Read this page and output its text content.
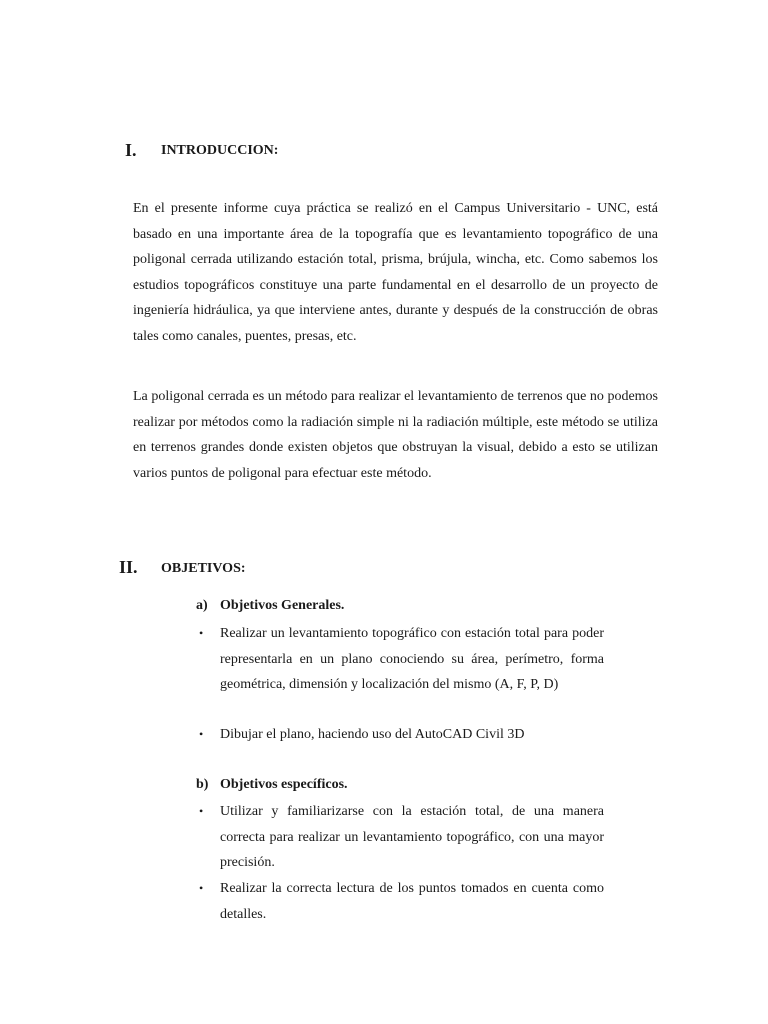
I. INTRODUCCION:

En el presente informe cuya práctica se realizó en el Campus Universitario - UNC, está basado en una importante área de la topografía que es levantamiento topográfico de una poligonal cerrada utilizando estación total, prisma, brújula, wincha, etc. Como sabemos los estudios topográficos constituye una parte fundamental en el desarrollo de un proyecto de ingeniería hidráulica, ya que interviene antes, durante y después de la construcción de obras tales como canales, puentes, presas, etc.

La poligonal cerrada es un método para realizar el levantamiento de terrenos que no podemos realizar por métodos como la radiación simple ni la radiación múltiple, este método se utiliza en terrenos grandes donde existen objetos que obstruyan la visual, debido a esto se utilizan varios puntos de poligonal para efectuar este método.

II. OBJETIVOS:
a) Objetivos Generales.
• Realizar un levantamiento topográfico con estación total para poder representarla en un plano conociendo su área, perímetro, forma geométrica, dimensión y localización del mismo (A, F, P, D)
• Dibujar el plano, haciendo uso del AutoCAD Civil 3D
b) Objetivos específicos.
• Utilizar y familiarizarse con la estación total, de una manera correcta para realizar un levantamiento topográfico, con una mayor precisión.
• Realizar la correcta lectura de los puntos tomados en cuenta como detalles.
